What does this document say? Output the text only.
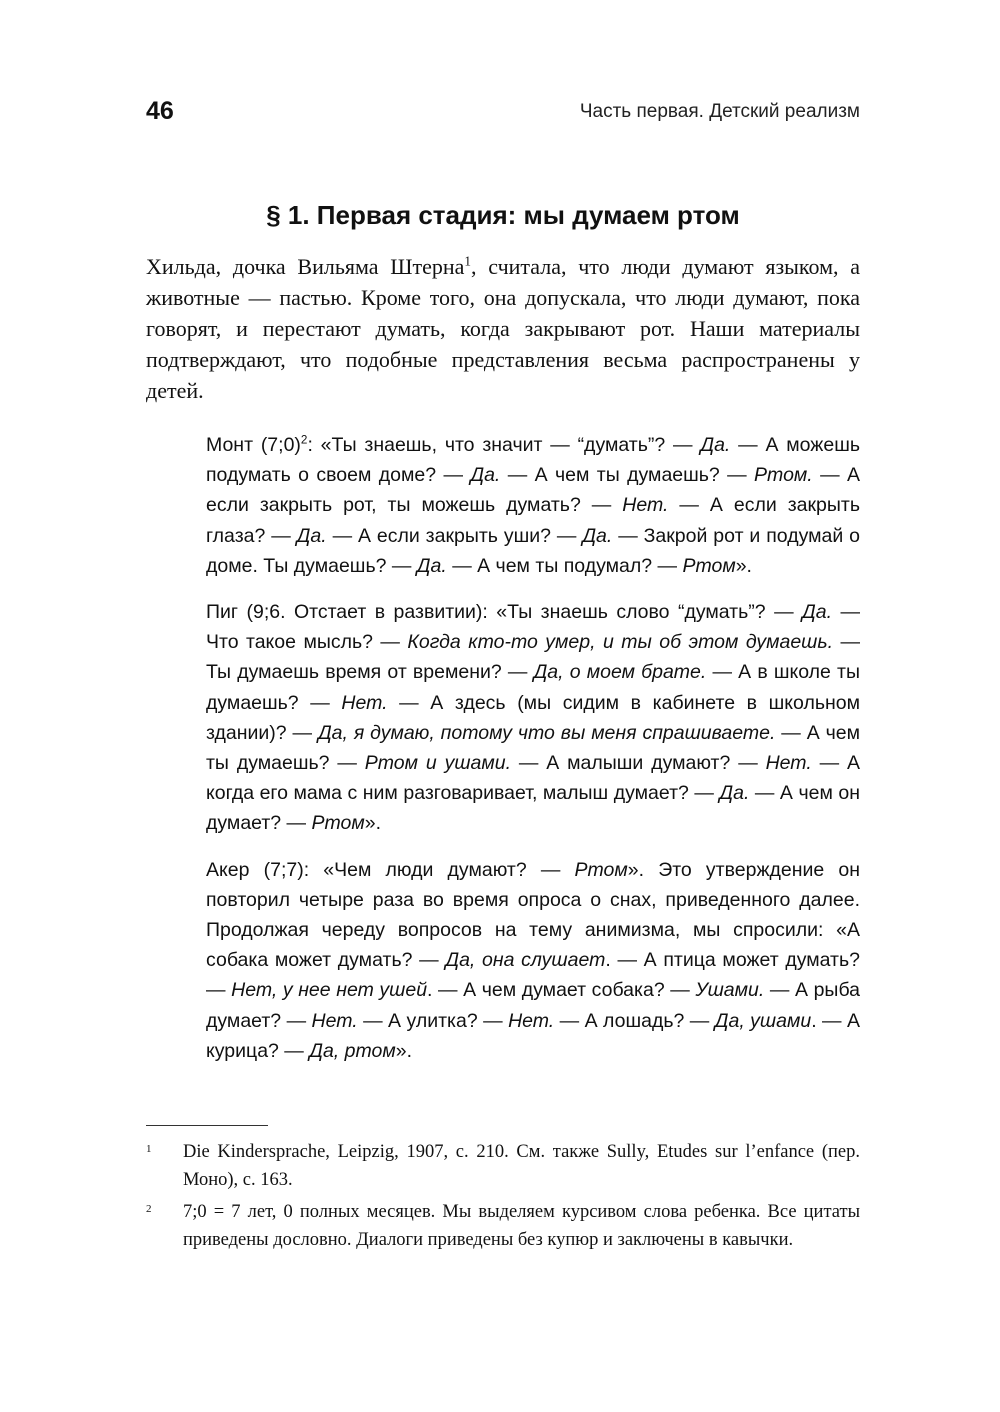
46	Часть первая. Детский реализм
§ 1. Первая стадия: мы думаем ртом

Хильда, дочка Вильяма Штерна$^1$, считала, что люди думают языком, а животные — пастью. Кроме того, она допускала, что люди думают, пока говорят, и перестают думать, когда закрывают рот. Наши материалы подтверждают, что подобные представления весьма распространены у детей.

Монт (7;0)$^2$: «Ты знаешь, что значит — “думать”? — Да. — А можешь подумать о своем доме? — Да. — А чем ты думаешь? — Ртом. — А если закрыть рот, ты можешь думать? — Нет. — А если закрыть глаза? — Да. — А если закрыть уши? — Да. — Закрой рот и подумай о доме. Ты думаешь? — Да. — А чем ты подумал? — Ртом».

Пиг (9;6. Отстает в развитии): «Ты знаешь слово “думать”? — Да. — Что такое мысль? — Когда кто-то умер, и ты об этом думаешь. — Ты думаешь время от времени? — Да, о моем брате. — А в школе ты думаешь? — Нет. — А здесь (мы сидим в кабинете в школьном здании)? — Да, я думаю, потому что вы меня спрашиваете. — А чем ты думаешь? — Ртом и ушами. — А малыши думают? — Нет. — А когда его мама с ним разговаривает, малыш думает? — Да. — А чем он думает? — Ртом».

Акер (7;7): «Чем люди думают? — Ртом». Это утверждение он повторил четыре раза во время опроса о снах, приведенного далее. Продолжая череду вопросов на тему анимизма, мы спросили: «А собака может думать? — Да, она слушает. — А птица может думать? — Нет, у нее нет ушей. — А чем думает собака? — Ушами. — А рыба думает? — Нет. — А улитка? — Нет. — А лошадь? — Да, ушами. — А курица? — Да, ртом».

1 Die Kindersprache, Leipzig, 1907, с. 210. См. также Sully, Etudes sur l’enfance (пер. Моно), с. 163.
2 7;0 = 7 лет, 0 полных месяцев. Мы выделяем курсивом слова ребенка. Все цитаты приведены дословно. Диалоги приведены без купюр и заключены в кавычки.
